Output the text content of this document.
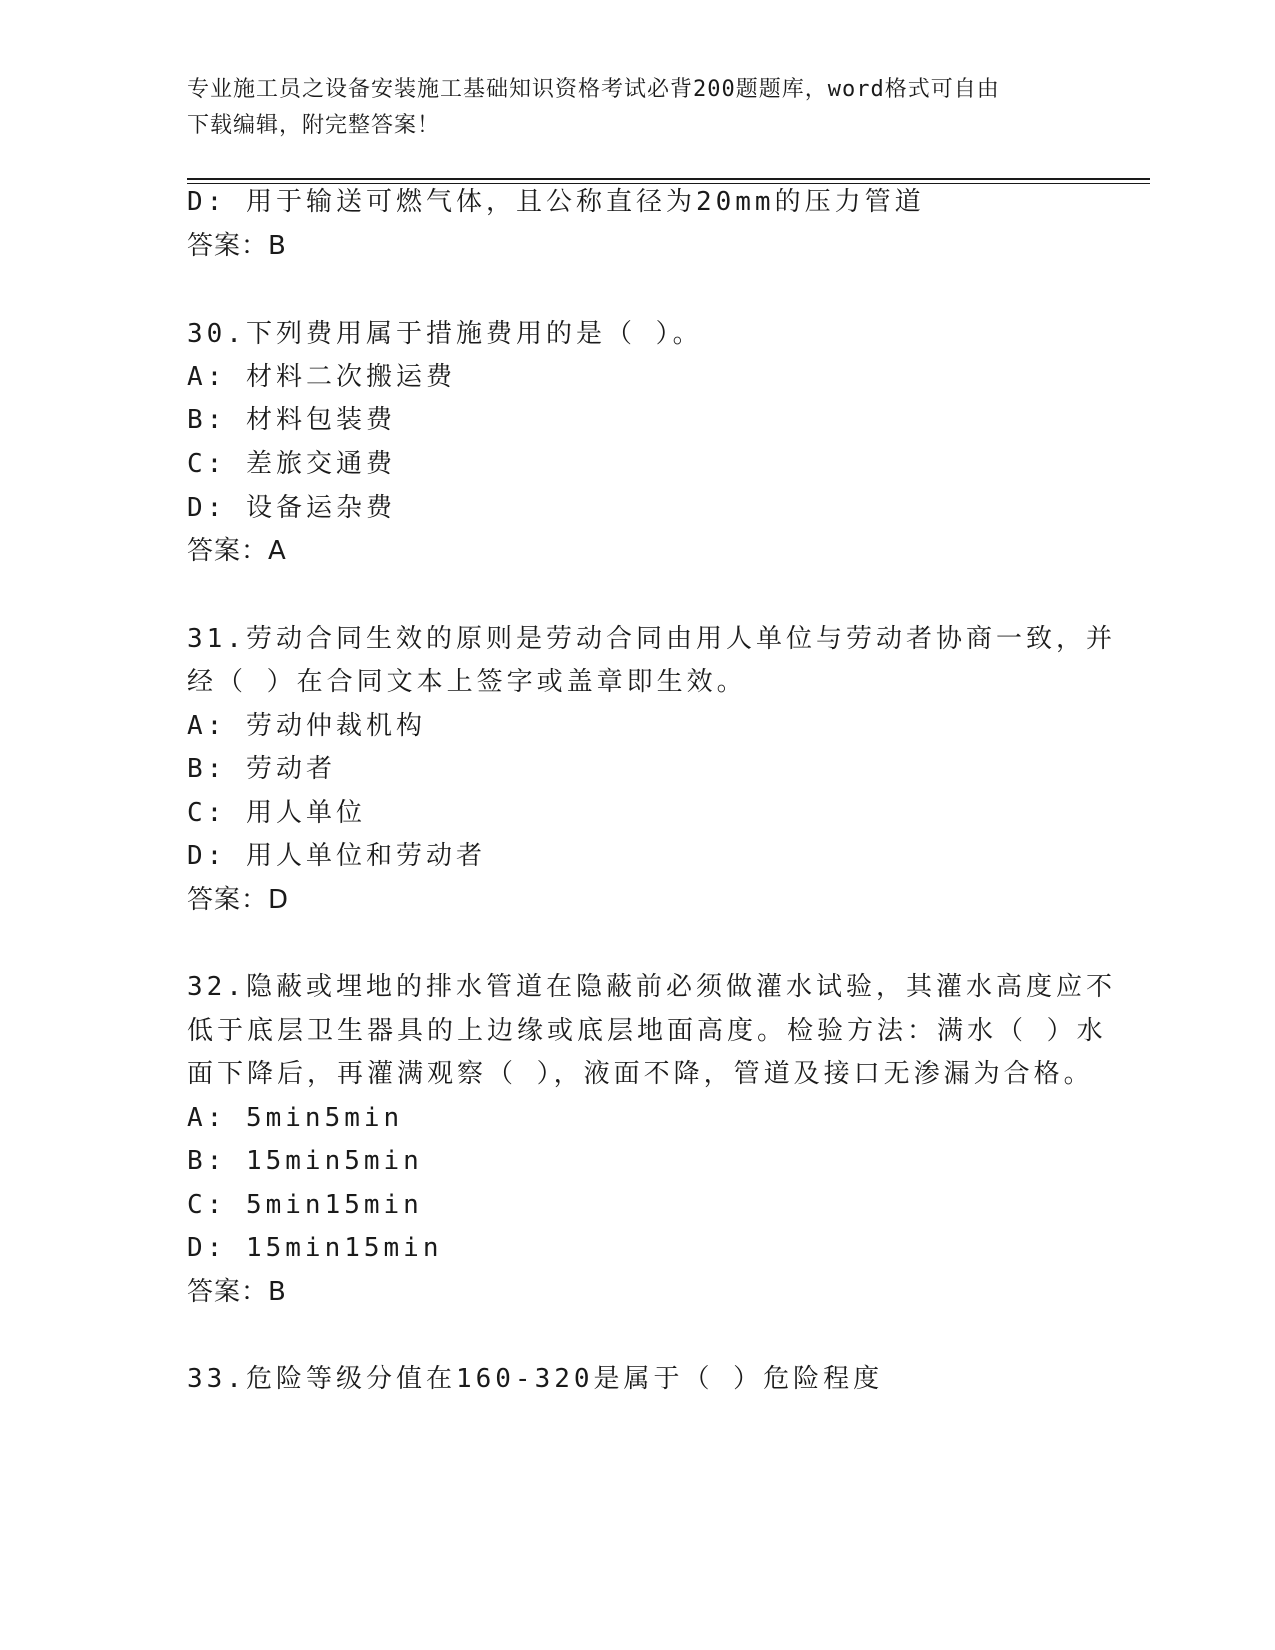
专业施工员之设备安装施工基础知识资格考试必背200题题库，word格式可自由
下载编辑，附完整答案！
D: 用于输送可燃气体，且公称直径为20mm的压力管道
答案：B
30.下列费用属于措施费用的是（ ）。
A: 材料二次搬运费
B: 材料包装费
C: 差旅交通费
D: 设备运杂费
答案：A
31.劳动合同生效的原则是劳动合同由用人单位与劳动者协商一致，并
经（ ）在合同文本上签字或盖章即生效。
A: 劳动仲裁机构
B: 劳动者
C: 用人单位
D: 用人单位和劳动者
答案：D
32.隐蔽或埋地的排水管道在隐蔽前必须做灌水试验，其灌水高度应不
低于底层卫生器具的上边缘或底层地面高度。检验方法：满水（ ）水
面下降后，再灌满观察（ ），液面不降，管道及接口无渗漏为合格。
A: 5min5min
B: 15min5min
C: 5min15min
D: 15min15min
答案：B
33.危险等级分值在160-320是属于（ ）危险程度
